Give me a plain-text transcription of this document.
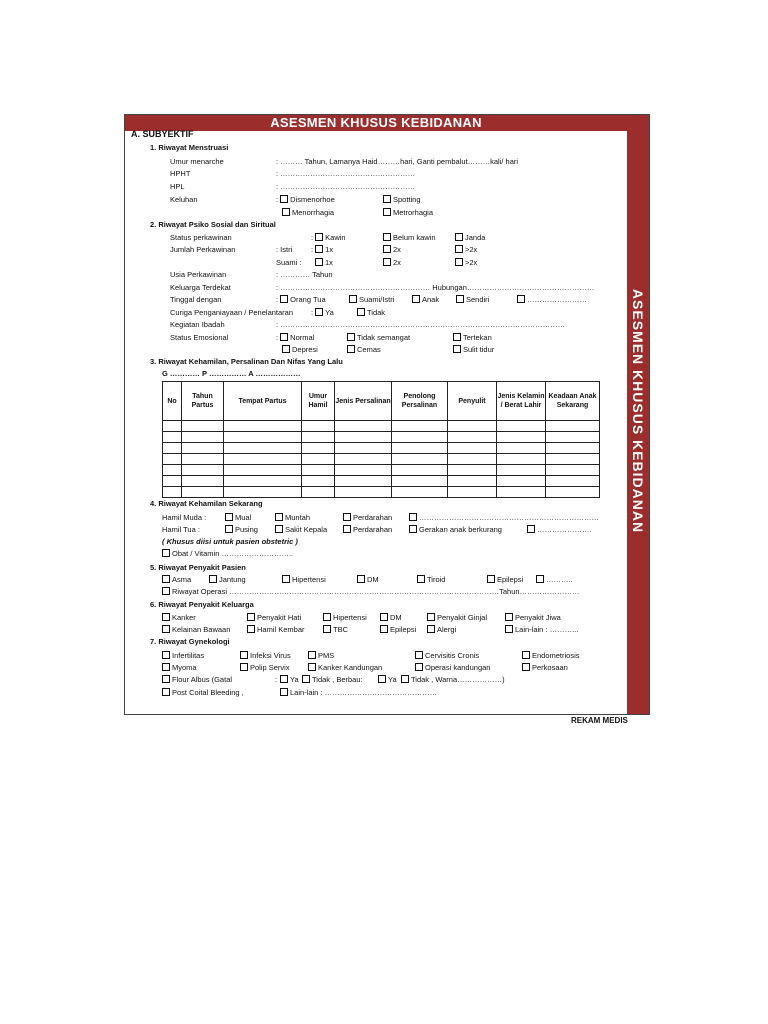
ASESMEN KHUSUS KEBIDANAN
ASESMEN KHUSUS KEBIDANAN
A. SUBYEKTIF
1. Riwayat Menstruasi
Umur menarche	: ……… Tahun, Lamanya Haid………hari, Ganti pembalut………kali/ hari
HPHT	: ………………………………………………
HPL	: ………………………………………………
Keluhan	: Dismenorhoe	Spotting
Menorrhagia	Metrorhagia
2. Riwayat Psiko Sosial dan Siritual
Status perkawinan	: Kawin	Belum kawin	Janda
Jumlah Perkawinan	: Istri	: 1x	2x	>2x
Suami :	1x	2x	>2x
Usia Perkawinan	: ………… Tahun
Keluarga Terdekat	: …………………………………………………… Hubungan……………………………………………
Tinggal dengan	: Orang Tua	Suami/Istri	Anak	Sendiri	……………………
Curiga Penganiayaan / Penelantaran : Ya	Tidak
Kegiatan Ibadah	: ……………………………………………………………………………………………………
Status Emosional	: Normal	Tidak semangat	Tertekan
Depresi	Cemas	Sulit tidur
3. Riwayat Kehamilan, Persalinan Dan Nifas Yang Lalu
G ………… P …………… A ………………
No	Tahun Partus	Tempat Partus	Umur Hamil	Jenis Persalinan	Penolong Persalinan	Penyulit	Jenis Kelamin / Berat Lahir	Keadaan Anak Sekarang

4. Riwayat Kehamilan Sekarang
Hamil Muda :	Mual	Muntah	Perdarahan	………………………………………………………………
Hamil Tua :	Pusing	Sakit Kepala	Perdarahan	Gerakan anak berkurang	………………….
( Khusus diisi untuk pasien obstetric )
Obat / Vitamin ………………………..
5. Riwayat Penyakit Pasien
Asma	Jantung	Hipertensi	DM	Tiroid	Epilepsi	………..
Riwayat Operasi ………………………………………………………………………………………………Tahun……………………
6. Riwayat Penyakit Keluarga
Kanker	Penyakit Hati	Hipertensi	DM	Penyakit Ginjal	Penyakit Jiwa
Kelainan Bawaan	Hamil Kembar	TBC	Epilepsi	Alergi	Lain-lain : ………...
7. Riwayat Gynekologi
Infertilitas	Infeksi Virus	PMS	Cervisitis Cronis	Endometriosis
Myoma	Polip Servix	Kanker Kandungan	Operasi kandungan	Perkosaan
Flour Albus (Gatal	:	Ya	Tidak , Berbau:	Ya	Tidak , Warna………………)
Post Coital Bleeding ,	Lain-lain : ………………………………………
REKAM MEDIS
